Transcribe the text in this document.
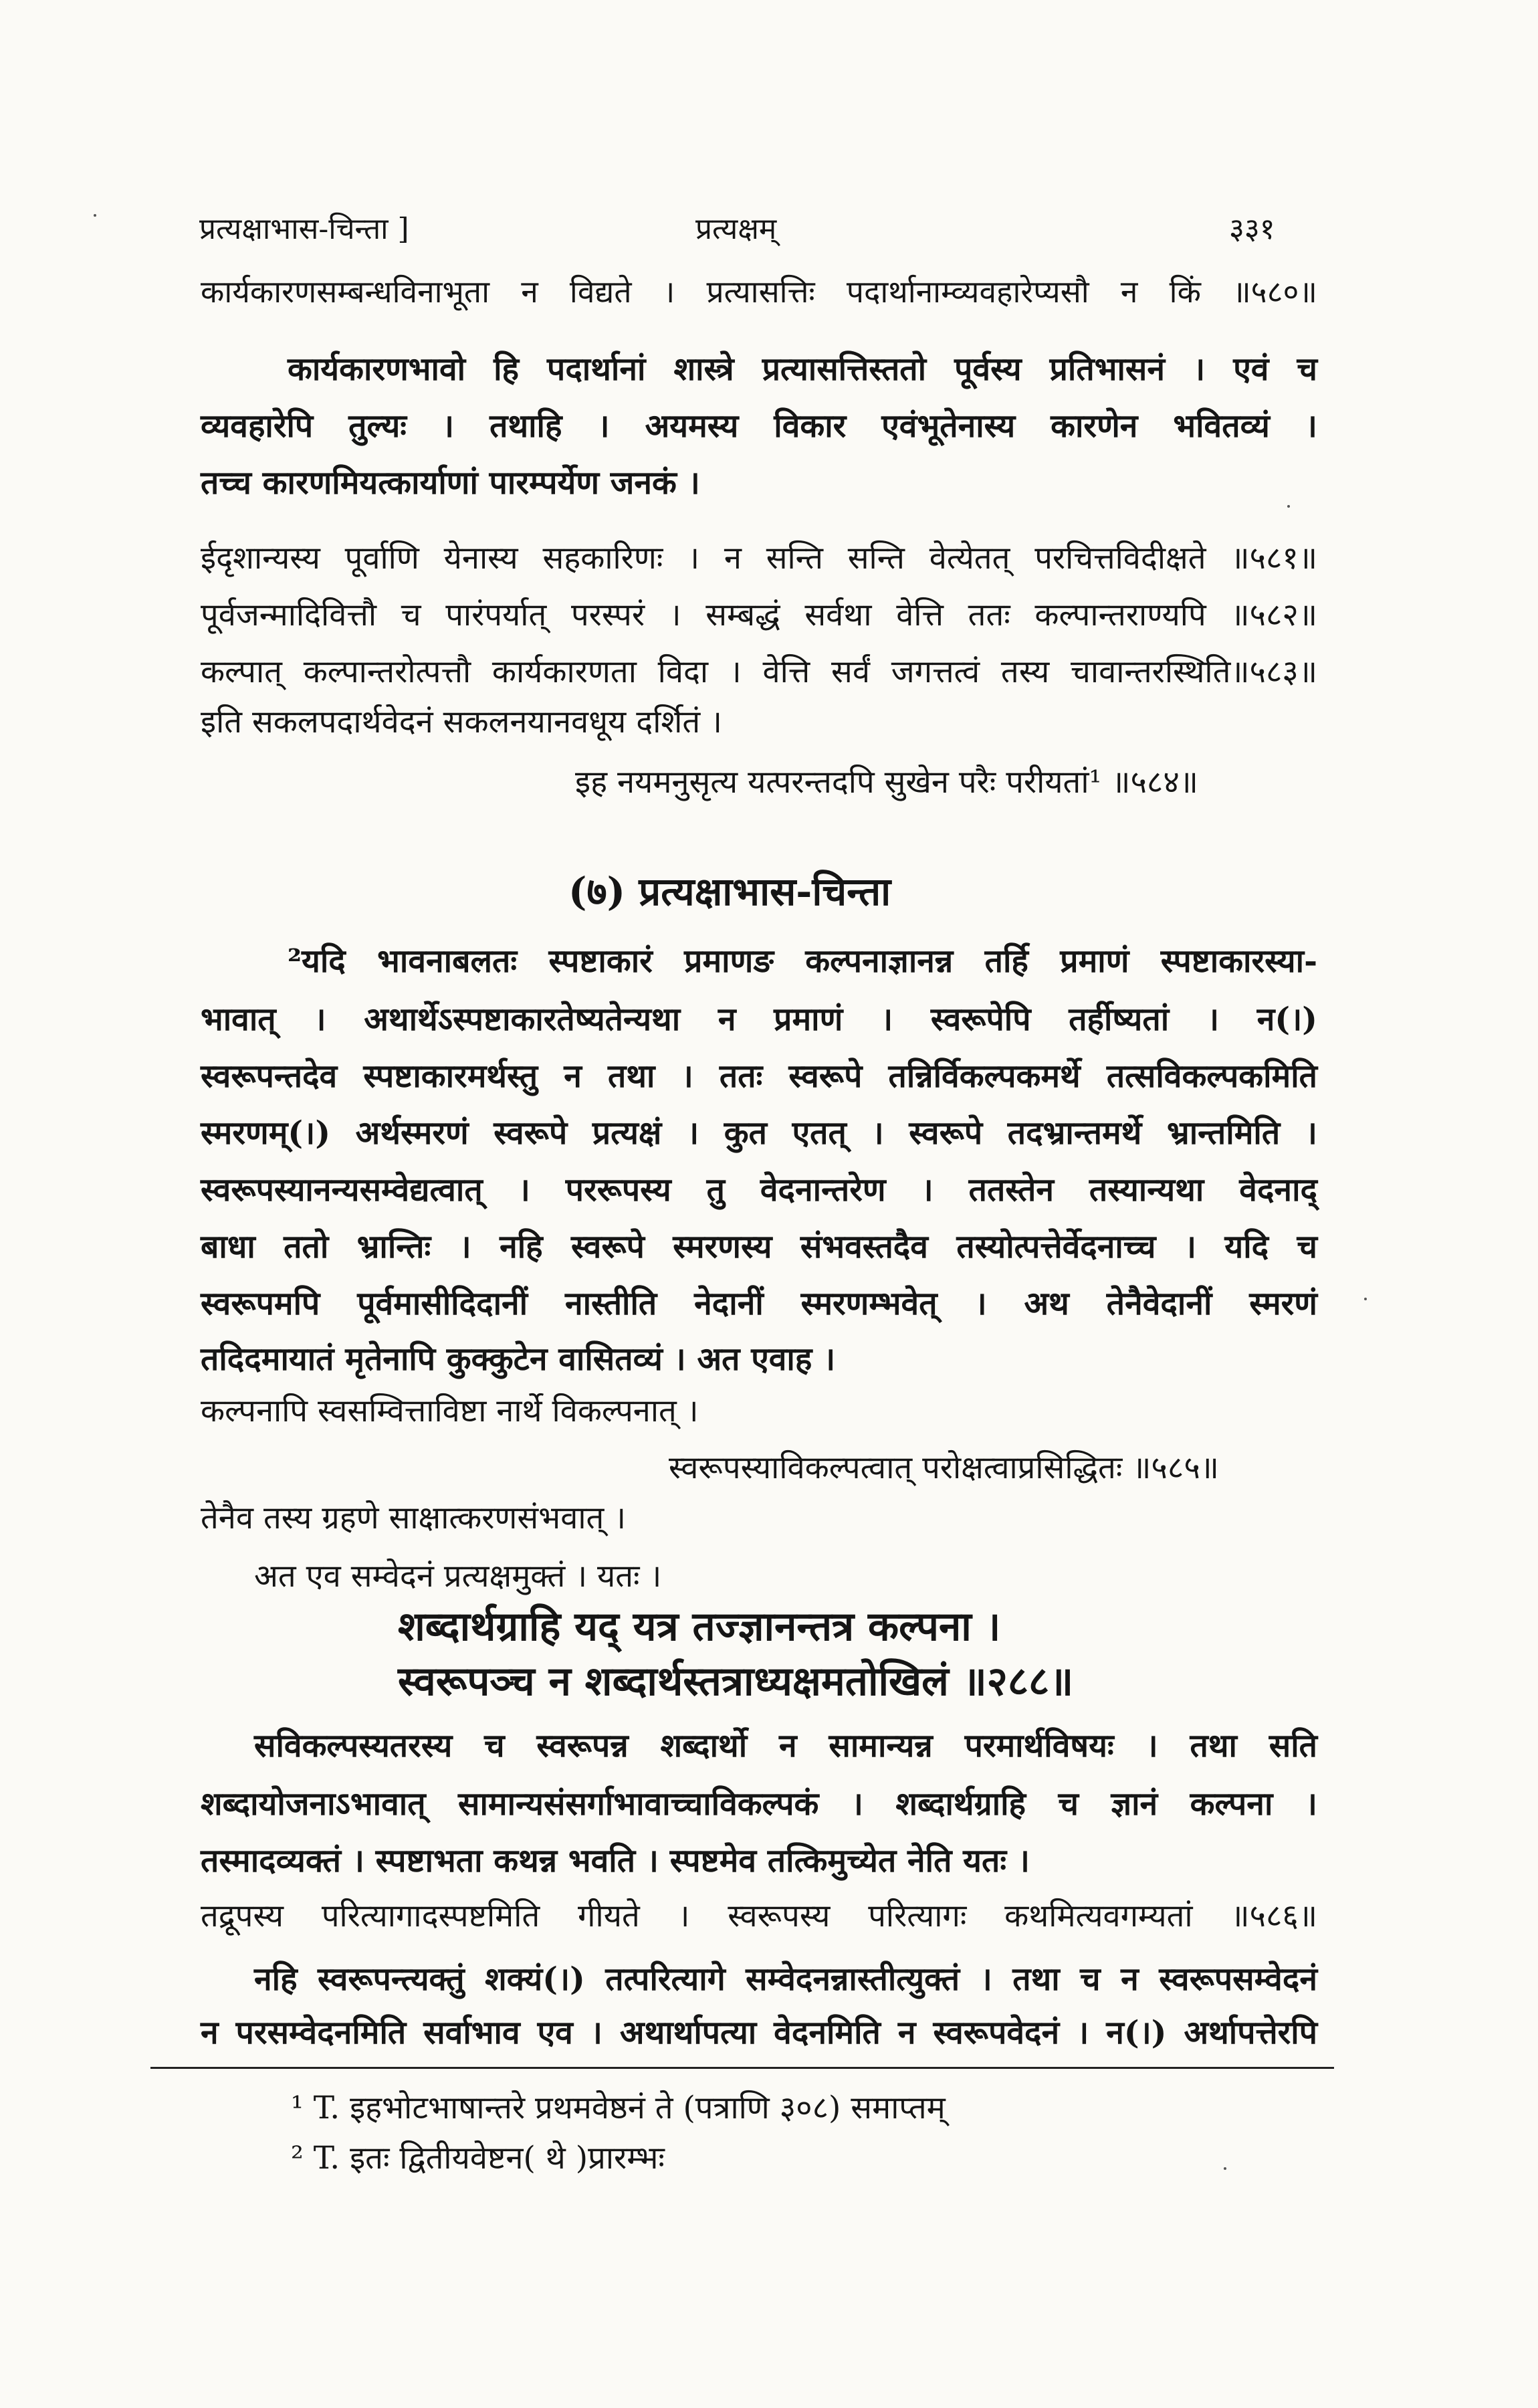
प्रत्यक्षाभास-चिन्ता ]	प्रत्यक्षम्	३३१
कार्यकारणसम्बन्धविनाभूता न विद्यते । प्रत्यासत्तिः पदार्थानाम्व्यवहारेप्यसौ न किं ॥५८०॥
कार्यकारणभावो हि पदार्थानां शास्त्रे प्रत्यासत्तिस्ततो पूर्वस्य प्रतिभासनं । एवं च
व्यवहारेपि तुल्यः । तथाहि । अयमस्य विकार एवंभूतेनास्य कारणेन भवितव्यं ।
तच्च कारणमियत्कार्याणां पारम्पर्येण जनकं ।
ईदृशान्यस्य पूर्वाणि येनास्य सहकारिणः । न सन्ति सन्ति वेत्येतत् परचित्तविदीक्षते ॥५८१॥
पूर्वजन्मादिवित्तौ च पारंपर्यात् परस्परं । सम्बद्धं सर्वथा वेत्ति ततः कल्पान्तराण्यपि ॥५८२॥
कल्पात् कल्पान्तरोत्पत्तौ कार्यकारणता विदा । वेत्ति सर्वं जगत्तत्वं तस्य चावान्तरस्थिति॥५८३॥
इति सकलपदार्थवेदनं सकलनयानवधूय दर्शितं ।
इह नयमनुसृत्य यत्परन्तदपि सुखेन परैः परीयतां¹ ॥५८४॥
(७) प्रत्यक्षाभास-चिन्ता
²यदि भावनाबलतः स्पष्टाकारं प्रमाणङ कल्पनाज्ञानन्न तर्हि प्रमाणं स्पष्टाकारस्या-
भावात् । अथार्थेऽस्पष्टाकारतेष्यतेन्यथा न प्रमाणं । स्वरूपेपि तर्हीष्यतां । न(।)
स्वरूपन्तदेव स्पष्टाकारमर्थस्तु न तथा । ततः स्वरूपे तन्निर्विकल्पकमर्थे तत्सविकल्पकमिति
स्मरणम्(।) अर्थस्मरणं स्वरूपे प्रत्यक्षं । कुत एतत् । स्वरूपे तदभ्रान्तमर्थे भ्रान्तमिति ।
स्वरूपस्यानन्यसम्वेद्यत्वात् । पररूपस्य तु वेदनान्तरेण । ततस्तेन तस्यान्यथा वेदनाद्
बाधा ततो भ्रान्तिः । नहि स्वरूपे स्मरणस्य संभवस्तदैव तस्योत्पत्तेर्वेदनाच्च । यदि च
स्वरूपमपि पूर्वमासीदिदानीं नास्तीति नेदानीं स्मरणम्भवेत् । अथ तेनैवेदानीं स्मरणं
तदिदमायातं मृतेनापि कुक्कुटेन वासितव्यं । अत एवाह ।
कल्पनापि स्वसम्वित्ताविष्टा नार्थे विकल्पनात् ।
स्वरूपस्याविकल्पत्वात् परोक्षत्वाप्रसिद्धितः ॥५८५॥
तेनैव तस्य ग्रहणे साक्षात्करणसंभवात् ।
अत एव सम्वेदनं प्रत्यक्षमुक्तं । यतः ।
शब्दार्थग्राहि यद् यत्र तज्ज्ञानन्तत्र कल्पना ।
स्वरूपञ्च न शब्दार्थस्तत्राध्यक्षमतोखिलं ॥२८८॥
सविकल्पस्यतरस्य च स्वरूपन्न शब्दार्थो न सामान्यन्न परमार्थविषयः । तथा सति
शब्दायोजनाऽभावात् सामान्यसंसर्गाभावाच्चाविकल्पकं । शब्दार्थग्राहि च ज्ञानं कल्पना ।
तस्मादव्यक्तं । स्पष्टाभता कथन्न भवति । स्पष्टमेव तत्किमुच्येत नेति यतः ।
तद्रूपस्य परित्यागादस्पष्टमिति गीयते । स्वरूपस्य परित्यागः कथमित्यवगम्यतां ॥५८६॥
नहि स्वरूपन्त्यक्तुं शक्यं(।) तत्परित्यागे सम्वेदनन्नास्तीत्युक्तं । तथा च न स्वरूपसम्वेदनं
न परसम्वेदनमिति सर्वाभाव एव । अथार्थापत्या वेदनमिति न स्वरूपवेदनं । न(।) अर्थापत्तेरपि
¹ T. इहभोटभाषान्तरे प्रथमवेष्ठनं ते (पत्राणि ३०८) समाप्तम्
² T. इतः द्वितीयवेष्टन( थे )प्रारम्भः
